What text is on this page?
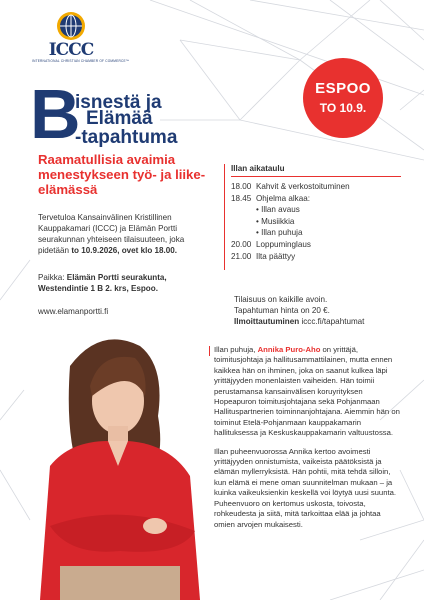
ICCC
INTERNATIONAL CHRISTIAN CHAMBER OF COMMERCE™
ESPOO
TO 10.9.
B
isnestä ja
Elämää
-tapahtuma
Raamatullisia avaimia menestykseen työ- ja liike-elämässä
Tervetuloa Kansainvälinen Kristillinen Kauppakamari (ICCC) ja Elämän Portti seurakunnan yhteiseen tilaisuuteen, joka pidetään to 10.9.2026, ovet klo 18.00.
Paikka: Elämän Portti seurakunta,
Westendintie 1 B 2. krs, Espoo.
www.elamanportti.fi
Illan aikataulu
18.00 Kahvit & verkostoituminen
18.45 Ohjelma alkaa:
• Illan avaus
• Musiikkia
• Illan puhuja
20.00 Loppuminglaus
21.00 Ilta päättyy
Tilaisuus on kaikille avoin.
Tapahtuman hinta on 20 €.
Ilmoittautuminen iccc.fi/tapahtumat

Illan puhuja, Annika Puro-Aho on yrittäjä, toimitusjohtaja ja hallitusammattilainen, mutta ennen kaikkea hän on ihminen, joka on saanut kulkea läpi yrittäjyyden monenlaisten vaiheiden. Hän toimii perustamansa kansainvälisen koruyrityksen Hopeapuron toimitusjohtajana sekä Pohjanmaan Hallituspartnerien toiminnanjohtajana. Aiemmin hän on toiminut Etelä-Pohjanmaan kauppakamarin hallituksessa ja Keskuskauppakamarin valtuustossa.

Illan puheenvuorossa Annika kertoo avoimesti yrittäjyyden onnistumista, vaikeista päätöksistä ja elämän myllerryksistä. Hän pohtii, mitä tehdä silloin, kun elämä ei mene oman suunnitelman mukaan – ja kuinka vaikeuksienkin keskellä voi löytyä uusi suunta. Puheenvuoro on kertomus uskosta, toivosta, rohkeudesta ja siitä, mitä tarkoittaa elää ja johtaa omien arvojen mukaisesti.
